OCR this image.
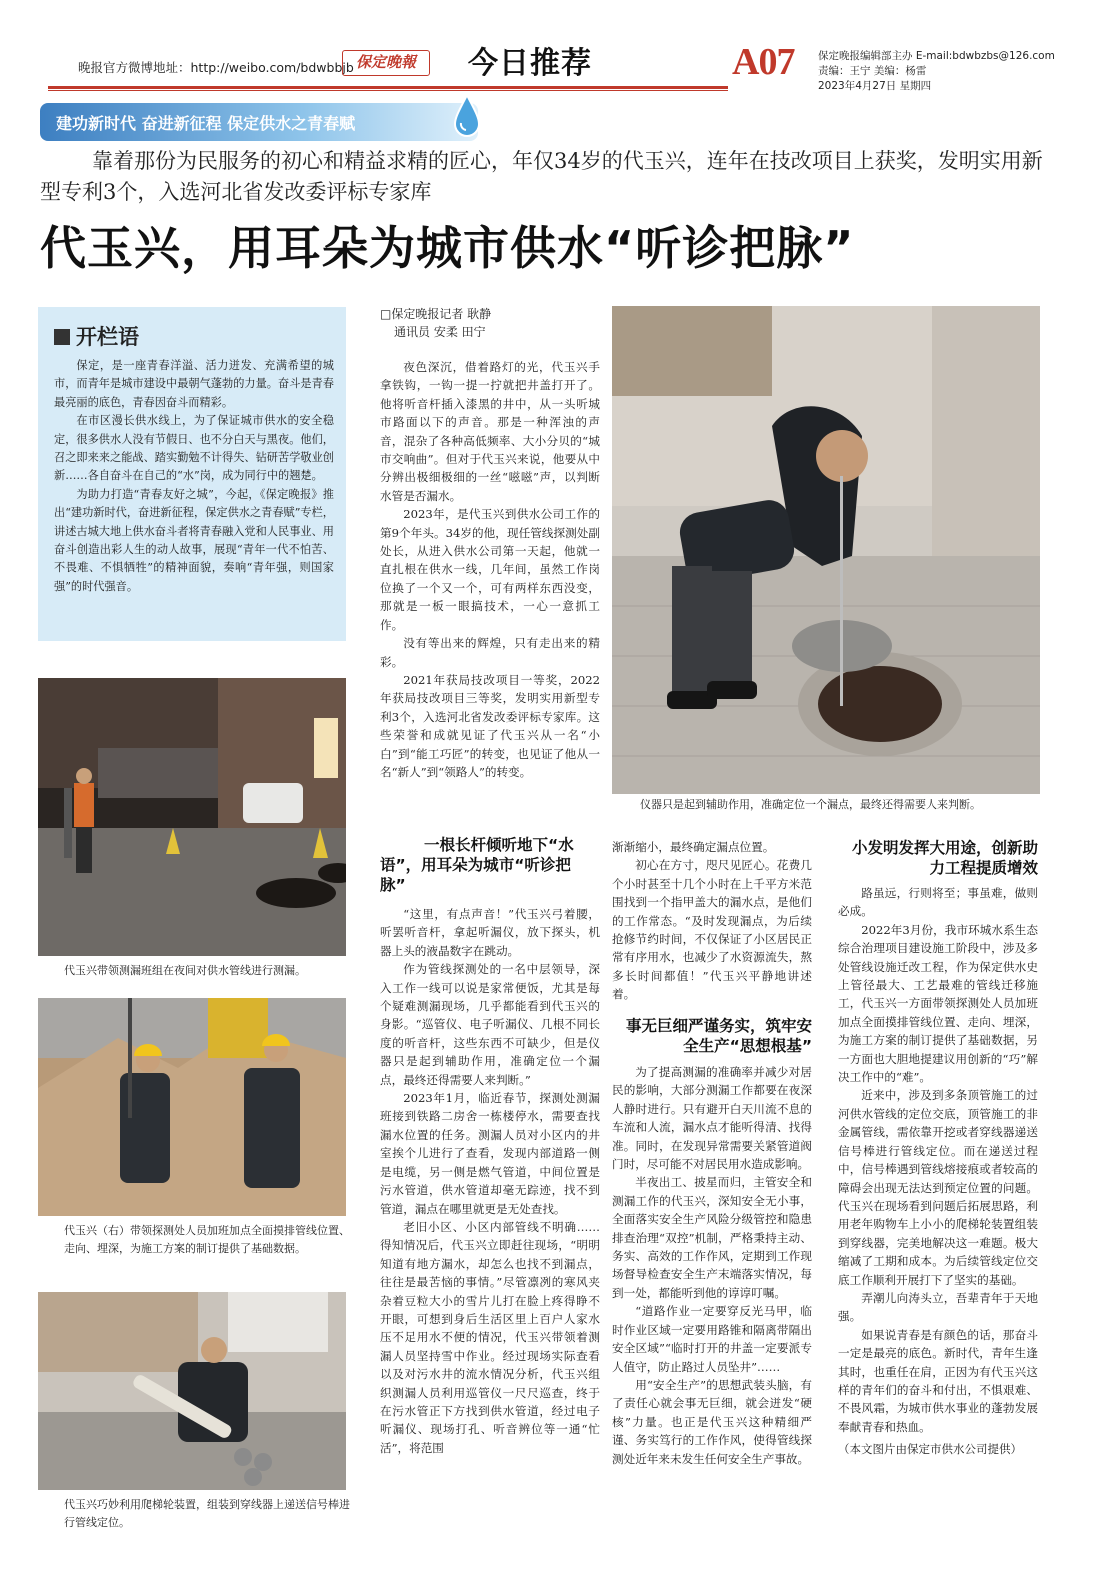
晚报官方微博地址：http://weibo.com/bdwbbjb 保定晚報	今日推荐	A07 保定晚报编辑部主办 E-mail:bdwbzbs@126.com
责编：王宁 美编：杨雷
2023年4月27日 星期四
建功新时代 奋进新征程 保定供水之青春赋
靠着那份为民服务的初心和精益求精的匠心，年仅34岁的代玉兴，连年在技改项目上获奖，发明实用新型专利3个，入选河北省发改委评标专家库
代玉兴，用耳朵为城市供水“听诊把脉”
开栏语

保定，是一座青春洋溢、活力迸发、充满希望的城市，而青年是城市建设中最朝气蓬勃的力量。奋斗是青春最亮丽的底色，青春因奋斗而精彩。

在市区漫长供水线上，为了保证城市供水的安全稳定，很多供水人没有节假日、也不分白天与黑夜。他们，召之即来来之能战、踏实勤勉不计得失、钻研苦学敬业创新……各自奋斗在自己的“水”岗，成为同行中的翘楚。

为助力打造“青春友好之城”，今起，《保定晚报》推出“建功新时代，奋进新征程，保定供水之青春赋”专栏，讲述古城大地上供水奋斗者将青春融入党和人民事业、用奋斗创造出彩人生的动人故事，展现“青年一代不怕苦、不畏难、不惧牺牲”的精神面貌，奏响“青年强，则国家强”的时代强音。

代玉兴带领测漏班组在夜间对供水管线进行测漏。
代玉兴（右）带领探测处人员加班加点全面摸排管线位置、走向、埋深，为施工方案的制订提供了基础数据。
代玉兴巧妙利用爬梯轮装置，组装到穿线器上递送信号棒进行管线定位。
□保定晚报记者 耿静
通讯员 安柔 田宁

夜色深沉，借着路灯的光，代玉兴手拿铁钩，一钩一提一拧就把井盖打开了。他将听音杆插入漆黑的井中，从一头听城市路面以下的声音。那是一种浑浊的声音，混杂了各种高低频率、大小分贝的“城市交响曲”。但对于代玉兴来说，他要从中分辨出极细极细的一丝“嗞嗞”声，以判断水管是否漏水。

2023年，是代玉兴到供水公司工作的第9个年头。34岁的他，现任管线探测处副处长，从进入供水公司第一天起，他就一直扎根在供水一线，几年间，虽然工作岗位换了一个又一个，可有两样东西没变，那就是一板一眼搞技术，一心一意抓工作。

没有等出来的辉煌，只有走出来的精彩。

2021年获局技改项目一等奖，2022年获局技改项目三等奖，发明实用新型专利3个，入选河北省发改委评标专家库。这些荣誉和成就见证了代玉兴从一名“小白”到“能工巧匠”的转变，也见证了他从一名“新人”到“领路人”的转变。

一根长杆倾听地下“水语”，用耳朵为城市“听诊把脉”

“这里，有点声音！”代玉兴弓着腰，听罢听音杆，拿起听漏仪，放下探头，机器上头的液晶数字在跳动。

作为管线探测处的一名中层领导，深入工作一线可以说是家常便饭，尤其是每个疑难测漏现场，几乎都能看到代玉兴的身影。“巡管仪、电子听漏仪、几根不同长度的听音杆，这些东西不可缺少，但是仪器只是起到辅助作用，准确定位一个漏点，最终还得需要人来判断。”

2023年1月，临近春节，探测处测漏班接到铁路二房舍一栋楼停水，需要查找漏水位置的任务。测漏人员对小区内的井室挨个儿进行了查看，发现内部道路一侧是电缆，另一侧是燃气管道，中间位置是污水管道，供水管道却毫无踪迹，找不到管道，漏点在哪里就更是无处查找。

老旧小区、小区内部管线不明确……得知情况后，代玉兴立即赶往现场，“明明知道有地方漏水，却怎么也找不到漏点，往往是最苦恼的事情。”尽管凛冽的寒风夹杂着豆粒大小的雪片儿打在脸上疼得睁不开眼，可想到身后生活区里上百户人家水压不足用水不便的情况，代玉兴带领着测漏人员坚持雪中作业。经过现场实际查看以及对污水井的流水情况分析，代玉兴组织测漏人员利用巡管仪一尺尺巡查，终于在污水管正下方找到供水管道，经过电子听漏仪、现场打孔、听音辨位等一通“忙活”，将范围

仪器只是起到辅助作用，准确定位一个漏点，最终还得需要人来判断。

渐渐缩小，最终确定漏点位置。

初心在方寸，咫尺见匠心。花费几个小时甚至十几个小时在上千平方米范围找到一个指甲盖大的漏水点，是他们的工作常态。“及时发现漏点，为后续抢修节约时间，不仅保证了小区居民正常有序用水，也减少了水资源流失，熬多长时间都值！”代玉兴平静地讲述着。

事无巨细严谨务实，筑牢安全生产“思想根基”

为了提高测漏的准确率并减少对居民的影响，大部分测漏工作都要在夜深人静时进行。只有避开白天川流不息的车流和人流，漏水点才能听得清、找得准。同时，在发现异常需要关紧管道阀门时，尽可能不对居民用水造成影响。

半夜出工、披星而归，主管安全和测漏工作的代玉兴，深知安全无小事，全面落实安全生产风险分级管控和隐患排查治理“双控”机制，严格秉持主动、务实、高效的工作作风，定期到工作现场督导检查安全生产末端落实情况，每到一处，都能听到他的谆谆叮嘱。

“道路作业一定要穿反光马甲，临时作业区域一定要用路锥和隔离带隔出安全区域”“临时打开的井盖一定要派专人值守，防止路过人员坠井”……

用“安全生产”的思想武装头脑，有了责任心就会事无巨细，就会迸发“硬核”力量。也正是代玉兴这种精细严谨、务实笃行的工作作风，使得管线探测处近年来未发生任何安全生产事故。

小发明发挥大用途，创新助力工程提质增效

路虽远，行则将至；事虽难，做则必成。

2022年3月份，我市环城水系生态综合治理项目建设施工阶段中，涉及多处管线设施迁改工程，作为保定供水史上管径最大、工艺最难的管线迁移施工，代玉兴一方面带领探测处人员加班加点全面摸排管线位置、走向、埋深，为施工方案的制订提供了基础数据，另一方面也大胆地提建议用创新的“巧”解决工作中的“难”。

近来中，涉及到多条顶管施工的过河供水管线的定位交底，顶管施工的非金属管线，需依靠开挖或者穿线器递送信号棒进行管线定位。而在递送过程中，信号棒遇到管线熔接痕或者较高的障碍会出现无法达到预定位置的问题。代玉兴在现场看到问题后拓展思路，利用老年购物车上小小的爬梯轮装置组装到穿线器，完美地解决这一难题。极大缩减了工期和成本。为后续管线定位交底工作顺利开展打下了坚实的基础。

弄潮儿向涛头立，吾辈青年于天地强。

如果说青春是有颜色的话，那奋斗一定是最亮的底色。新时代，青年生逢其时，也重任在肩，正因为有代玉兴这样的青年们的奋斗和付出，不惧艰难、不畏风霜，为城市供水事业的蓬勃发展奉献青春和热血。

（本文图片由保定市供水公司提供）
